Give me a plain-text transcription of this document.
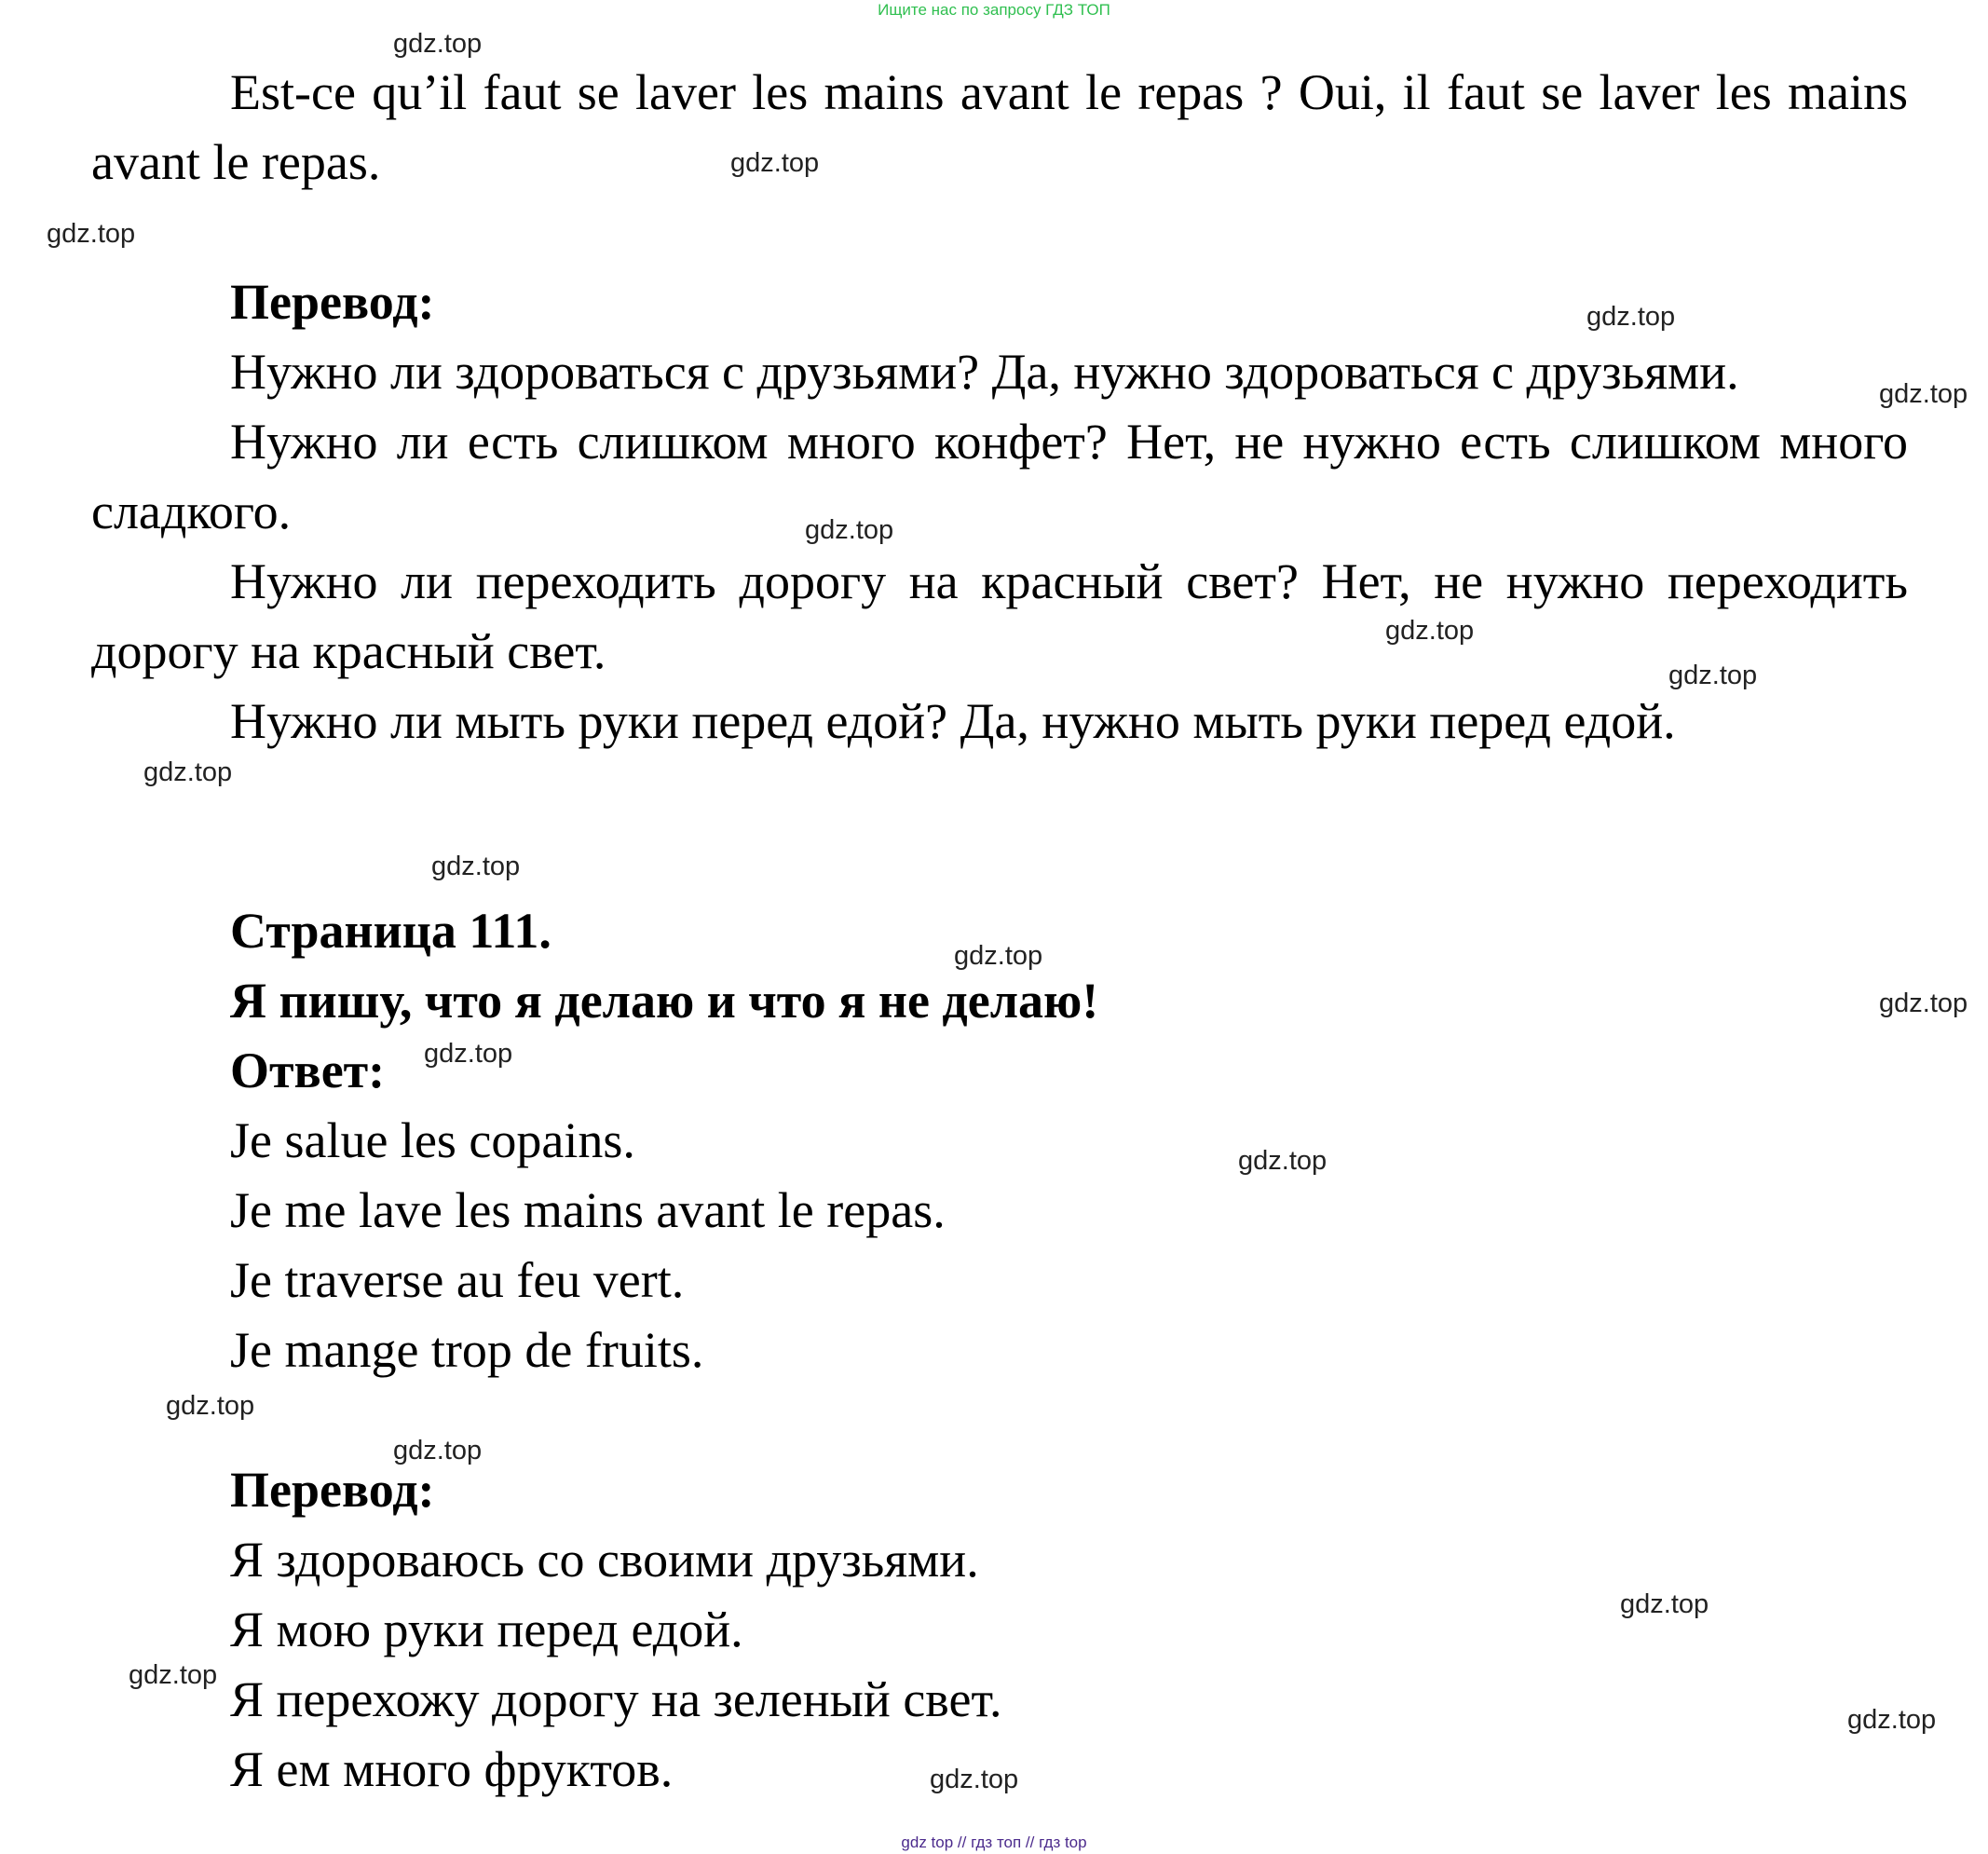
Ищите нас по запросу ГДЗ ТОП

Est-ce qu’il faut se laver les mains avant le repas ? Oui, il faut se laver les mains avant le repas.

Перевод:

Нужно ли здороваться с друзьями? Да, нужно здороваться с друзьями.

Нужно ли есть слишком много конфет? Нет, не нужно есть слишком много сладкого.

Нужно ли переходить дорогу на красный свет? Нет, не нужно переходить дорогу на красный свет.

Нужно ли мыть руки перед едой? Да, нужно мыть руки перед едой.

Страница 111.

Я пишу, что я делаю и что я не делаю!

Ответ:

Je salue les copains.

Je me lave les mains avant le repas.

Je traverse au feu vert.

Je mange trop de fruits.

Перевод:

Я здороваюсь со своими друзьями.

Я мою руки перед едой.

Я перехожу дорогу на зеленый свет.

Я ем много фруктов.

gdz.top
gdz.top
gdz.top
gdz.top
gdz.top
gdz.top
gdz.top
gdz.top
gdz.top
gdz.top
gdz.top
gdz.top
gdz.top
gdz.top
gdz.top
gdz.top
gdz.top
gdz.top
gdz.top
gdz.top
gdz top // гдз топ // гдз top
